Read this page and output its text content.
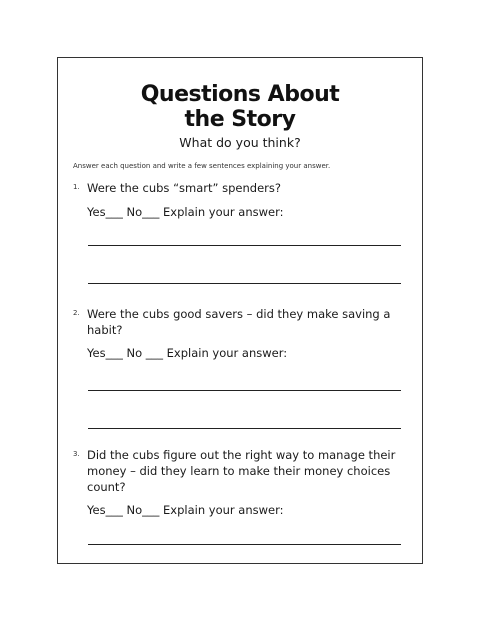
Questions About
the Story
What do you think?
Answer each question and write a few sentences explaining your answer.
1. Were the cubs “smart” spenders?
Yes___ No___ Explain your answer:
2. Were the cubs good savers – did they make saving a habit?
Yes___ No ___ Explain your answer:
3. Did the cubs figure out the right way to manage their money – did they learn to make their money choices count?
Yes___ No___ Explain your answer:
